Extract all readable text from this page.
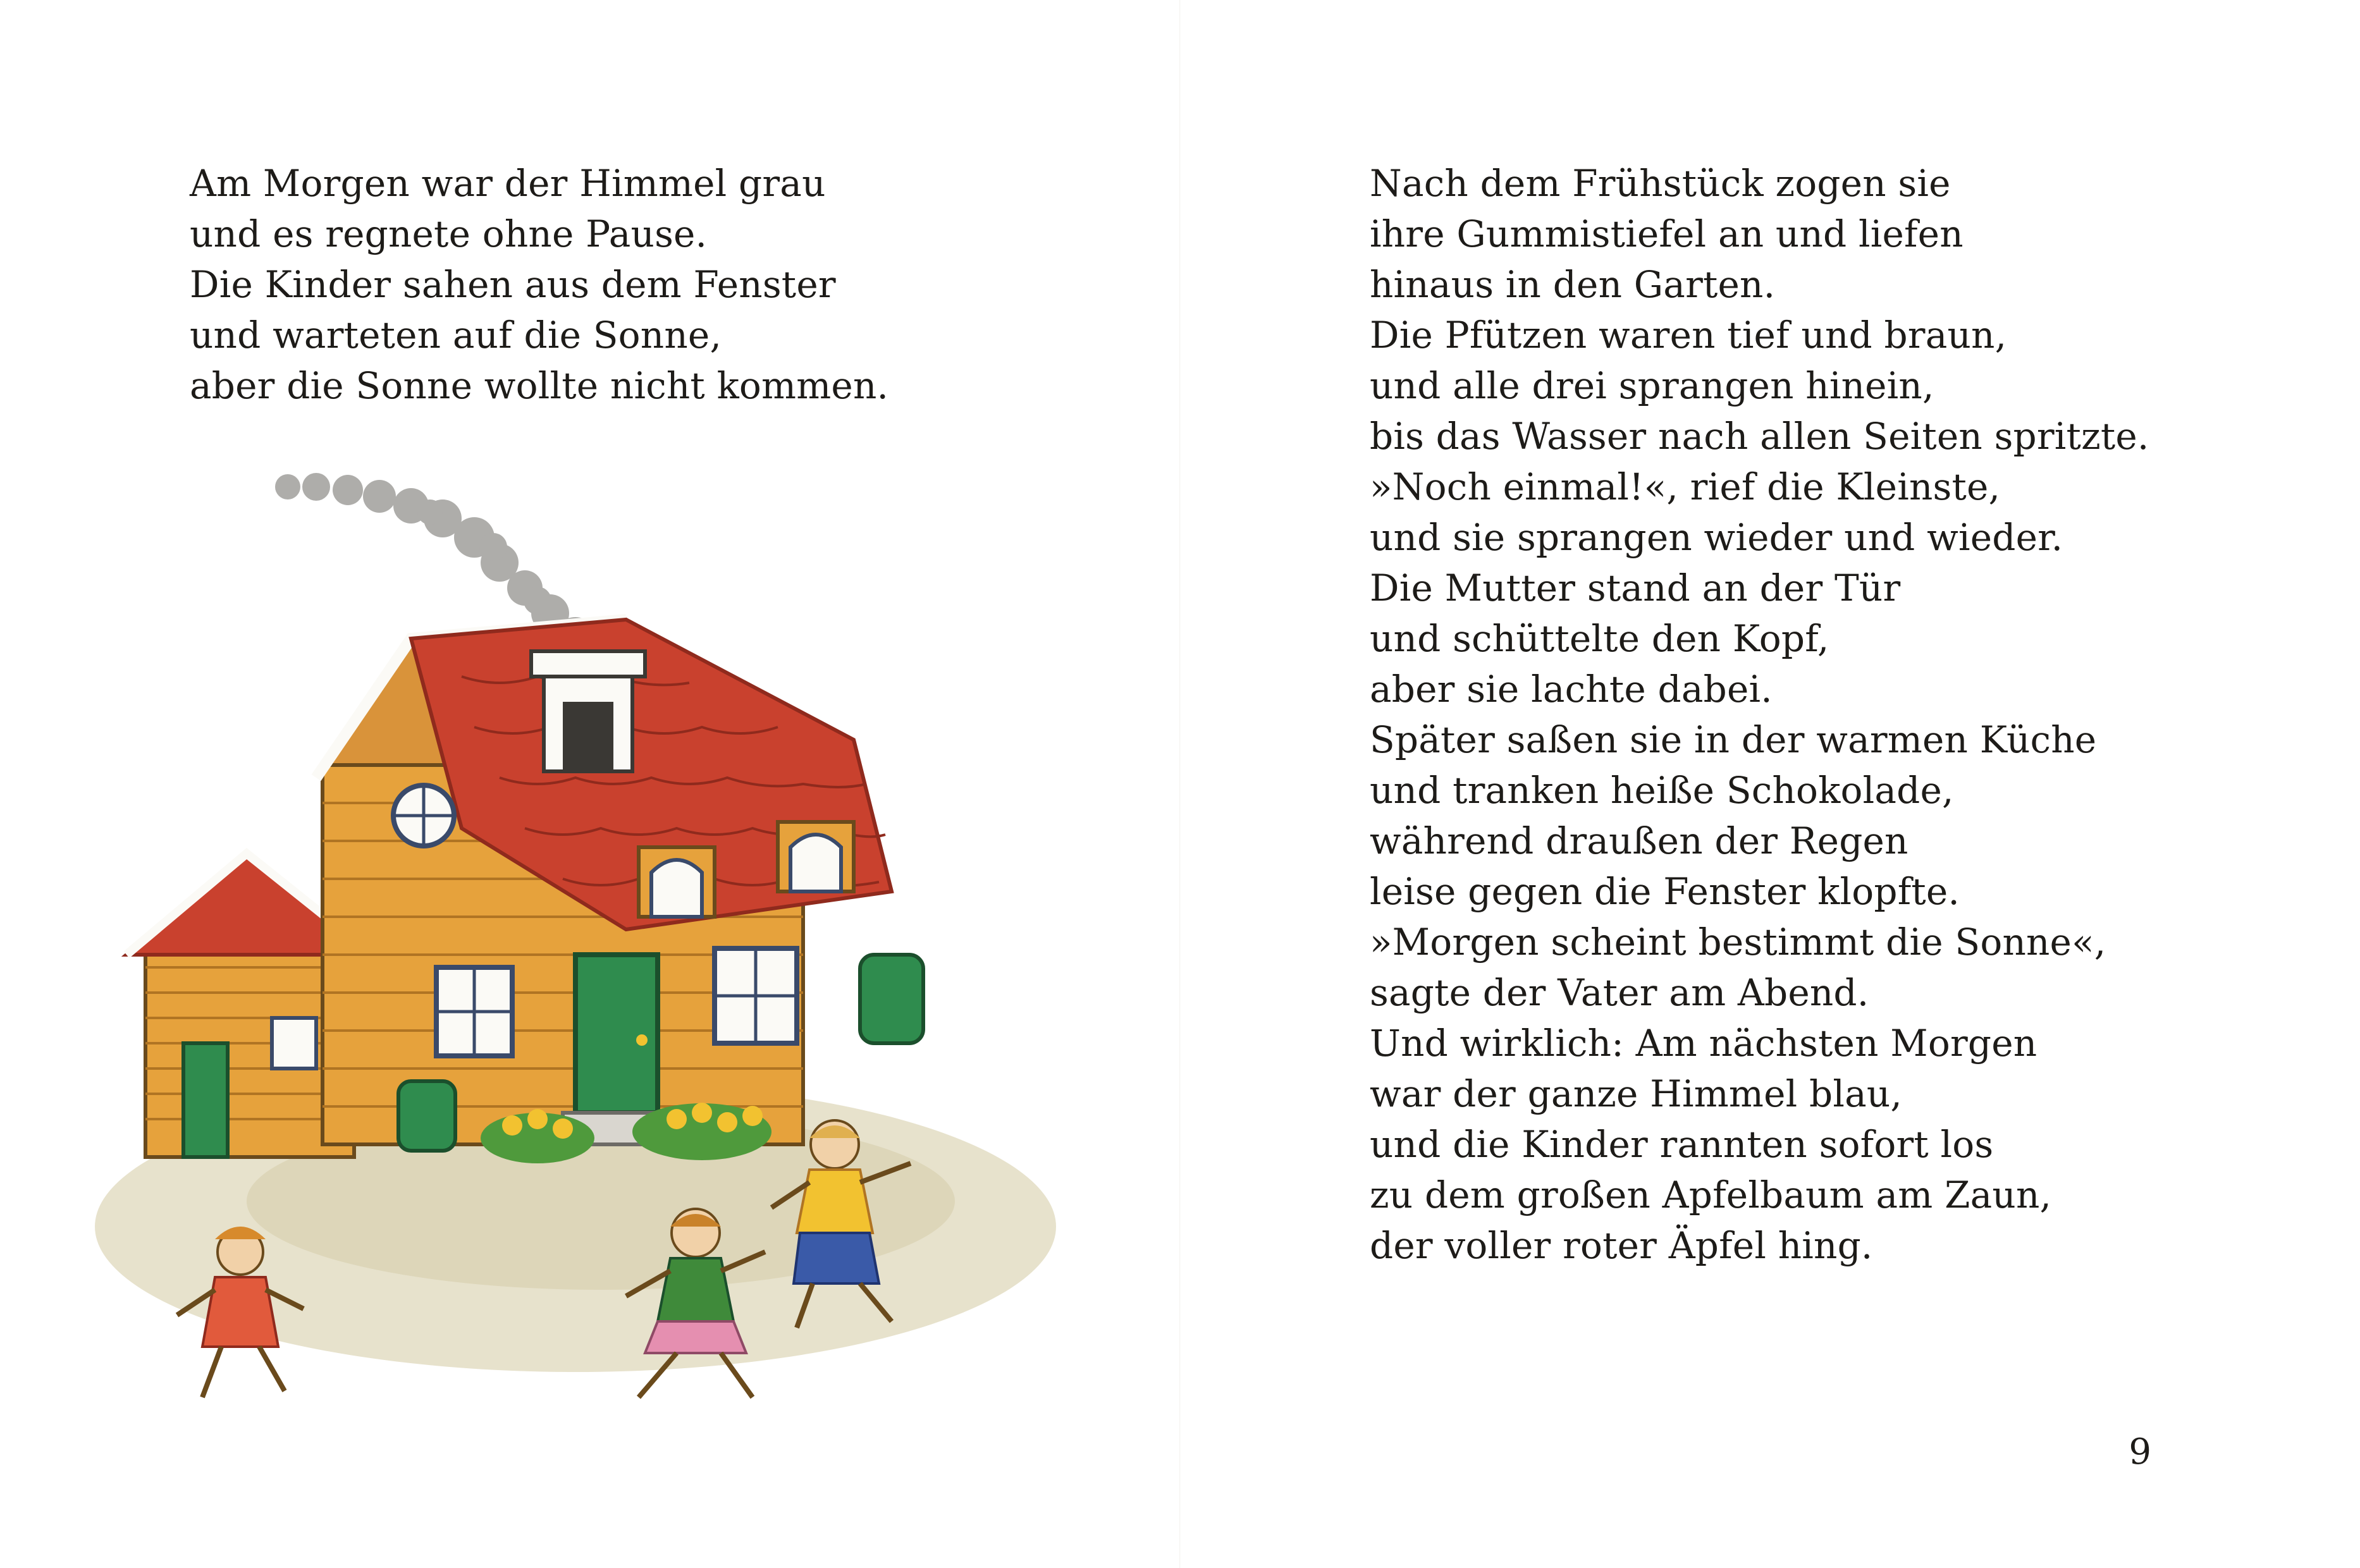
Am Morgen war der Himmel grau

und es regnete ohne Pause.

Die Kinder sahen aus dem Fenster

und warteten auf die Sonne,

aber die Sonne wollte nicht kommen.

Nach dem Frühstück zogen sie

ihre Gummistiefel an und liefen

hinaus in den Garten.

Die Pfützen waren tief und braun,

und alle drei sprangen hinein,

bis das Wasser nach allen Seiten spritzte.

»Noch einmal!«, rief die Kleinste,

und sie sprangen wieder und wieder.

Die Mutter stand an der Tür

und schüttelte den Kopf,

aber sie lachte dabei.

Später saßen sie in der warmen Küche

und tranken heiße Schokolade,

während draußen der Regen

leise gegen die Fenster klopfte.

»Morgen scheint bestimmt die Sonne«,

sagte der Vater am Abend.

Und wirklich: Am nächsten Morgen

war der ganze Himmel blau,

und die Kinder rannten sofort los

zu dem großen Apfelbaum am Zaun,

der voller roter Äpfel hing.

9
